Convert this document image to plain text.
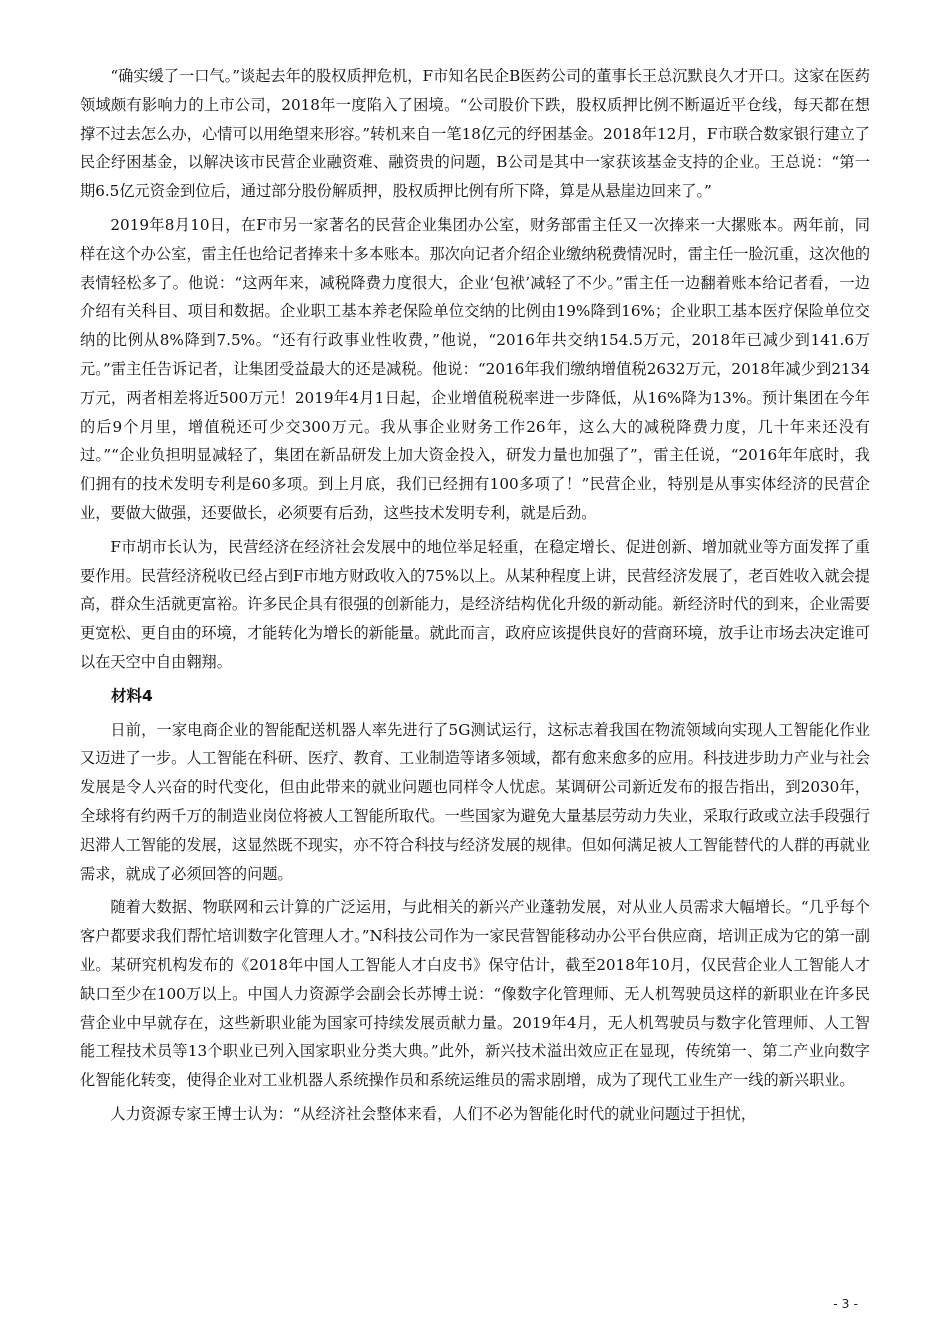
“确实缓了一口气。”谈起去年的股权质押危机，F市知名民企B医药公司的董事长王总沉默良久才开口。这家在医药领域颇有影响力的上市公司，2018年一度陷入了困境。“公司股价下跌，股权质押比例不断逼近平仓线，每天都在想撑不过去怎么办，心情可以用绝望来形容。”转机来自一笔18亿元的纾困基金。2018年12月，F市联合数家银行建立了民企纾困基金，以解决该市民营企业融资难、融资贵的问题，B公司是其中一家获该基金支持的企业。王总说：“第一期6.5亿元资金到位后，通过部分股份解质押，股权质押比例有所下降，算是从悬崖边回来了。”

2019年8月10日，在F市另一家著名的民营企业集团办公室，财务部雷主任又一次捧来一大摞账本。两年前，同样在这个办公室，雷主任也给记者捧来十多本账本。那次向记者介绍企业缴纳税费情况时，雷主任一脸沉重，这次他的表情轻松多了。他说：“这两年来，减税降费力度很大，企业‘包袱’减轻了不少。”雷主任一边翻着账本给记者看，一边介绍有关科目、项目和数据。企业职工基本养老保险单位交纳的比例由19%降到16%；企业职工基本医疗保险单位交纳的比例从8%降到7.5%。“还有行政事业性收费，”他说，“2016年共交纳154.5万元，2018年已减少到141.6万元。”雷主任告诉记者，让集团受益最大的还是减税。他说：“2016年我们缴纳增值税2632万元，2018年减少到2134万元，两者相差将近500万元！2019年4月1日起，企业增值税税率进一步降低，从16%降为13%。预计集团在今年的后9个月里，增值税还可少交300万元。我从事企业财务工作26年，这么大的减税降费力度，几十年来还没有过。”“企业负担明显减轻了，集团在新品研发上加大资金投入，研发力量也加强了”，雷主任说，“2016年年底时，我们拥有的技术发明专利是60多项。到上月底，我们已经拥有100多项了！”民营企业，特别是从事实体经济的民营企业，要做大做强，还要做长，必须要有后劲，这些技术发明专利，就是后劲。

F市胡市长认为，民营经济在经济社会发展中的地位举足轻重，在稳定增长、促进创新、增加就业等方面发挥了重要作用。民营经济税收已经占到F市地方财政收入的75%以上。从某种程度上讲，民营经济发展了，老百姓收入就会提高，群众生活就更富裕。许多民企具有很强的创新能力，是经济结构优化升级的新动能。新经济时代的到来，企业需要更宽松、更自由的环境，才能转化为增长的新能量。就此而言，政府应该提供良好的营商环境，放手让市场去决定谁可以在天空中自由翱翔。

材料4

日前，一家电商企业的智能配送机器人率先进行了5G测试运行，这标志着我国在物流领域向实现人工智能化作业又迈进了一步。人工智能在科研、医疗、教育、工业制造等诸多领域，都有愈来愈多的应用。科技进步助力产业与社会发展是令人兴奋的时代变化，但由此带来的就业问题也同样令人忧虑。某调研公司新近发布的报告指出，到2030年，全球将有约两千万的制造业岗位将被人工智能所取代。一些国家为避免大量基层劳动力失业，采取行政或立法手段强行迟滞人工智能的发展，这显然既不现实，亦不符合科技与经济发展的规律。但如何满足被人工智能替代的人群的再就业需求，就成了必须回答的问题。

随着大数据、物联网和云计算的广泛运用，与此相关的新兴产业蓬勃发展，对从业人员需求大幅增长。“几乎每个客户都要求我们帮忙培训数字化管理人才。”N科技公司作为一家民营智能移动办公平台供应商，培训正成为它的第一副业。某研究机构发布的《2018年中国人工智能人才白皮书》保守估计，截至2018年10月，仅民营企业人工智能人才缺口至少在100万以上。中国人力资源学会副会长苏博士说：“像数字化管理师、无人机驾驶员这样的新职业在许多民营企业中早就存在，这些新职业能为国家可持续发展贡献力量。2019年4月，无人机驾驶员与数字化管理师、人工智能工程技术员等13个职业已列入国家职业分类大典。”此外，新兴技术溢出效应正在显现，传统第一、第二产业向数字化智能化转变，使得企业对工业机器人系统操作员和系统运维员的需求剧增，成为了现代工业生产一线的新兴职业。

人力资源专家王博士认为：“从经济社会整体来看，人们不必为智能化时代的就业问题过于担忧，

- 3 -
